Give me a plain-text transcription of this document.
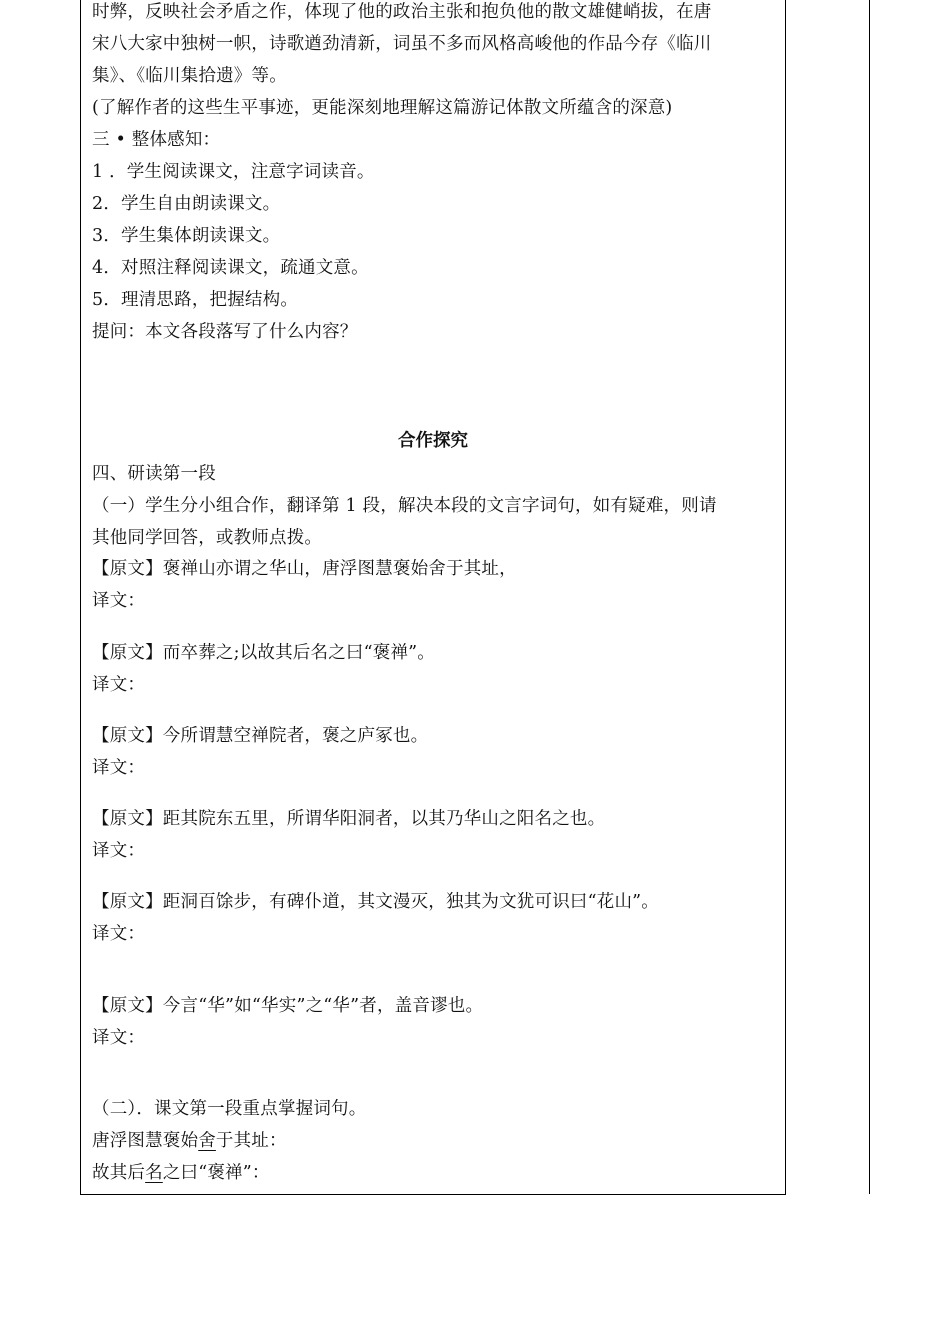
时弊，反映社会矛盾之作，体现了他的政治主张和抱负他的散文雄健峭拔，在唐
宋八大家中独树一帜，诗歌遒劲清新，词虽不多而风格高峻他的作品今存《临川
集》、《临川集拾遗》等。
(了解作者的这些生平事迹，更能深刻地理解这篇游记体散文所蕴含的深意)
三 • 整体感知：
1 ．学生阅读课文，注意字词读音。
2．学生自由朗读课文。
3．学生集体朗读课文。
4．对照注释阅读课文，疏通文意。
5．理清思路，把握结构。
提问：本文各段落写了什么内容？
合作探究
四、研读第一段
（一）学生分小组合作，翻译第 1 段，解决本段的文言字词句，如有疑难，则请
其他同学回答，或教师点拨。
【原文】褒禅山亦谓之华山，唐浮图慧褒始舍于其址，
译文：
【原文】而卒葬之;以故其后名之曰“褒禅”。
译文：
【原文】今所谓慧空禅院者，褒之庐冢也。
译文：
【原文】距其院东五里，所谓华阳洞者，以其乃华山之阳名之也。
译文：
【原文】距洞百馀步，有碑仆道，其文漫灭，独其为文犹可识曰“花山”。
译文：
【原文】今言“华”如“华实”之“华”者，盖音谬也。
译文：
（二）．课文第一段重点掌握词句。
唐浮图慧褒始舍于其址：
故其后名之曰“褒禅”：
